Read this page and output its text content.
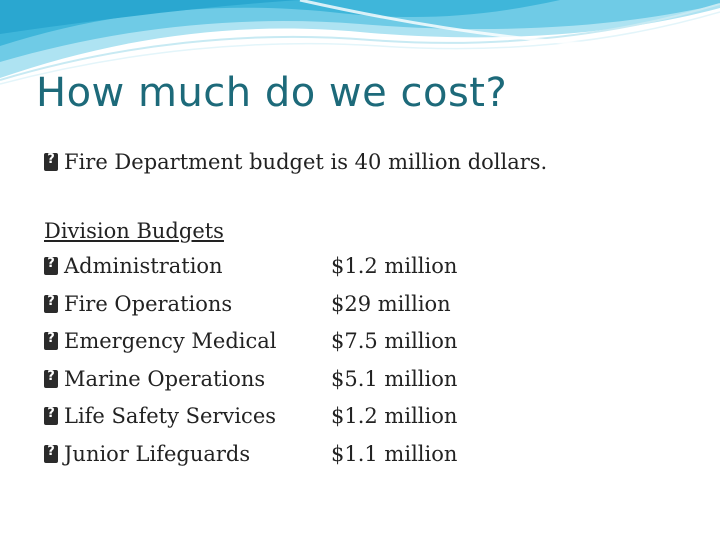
How much do we cost?
?Fire Department budget is 40 million dollars.
Division Budgets
?Administration	$1.2 million
?Fire Operations	$29 million
?Emergency Medical	$7.5 million
?Marine Operations	$5.1 million
?Life Safety Services	$1.2 million
?Junior Lifeguards	$1.1 million
